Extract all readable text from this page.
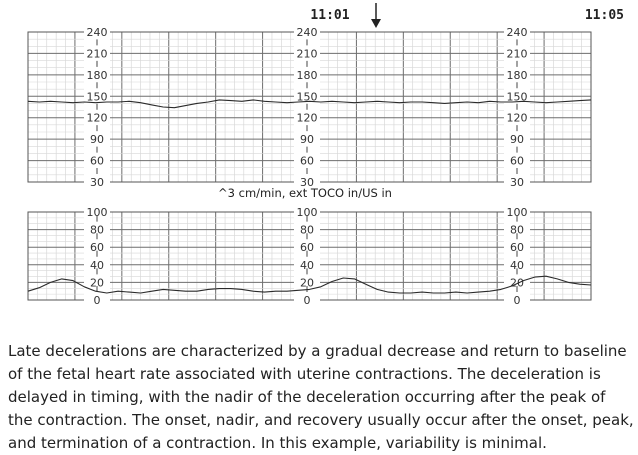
240
210
180
150
120
90
60
30
240
210
180
150
120
90
60
30
240
210
180
150
120
90
60
30
100
80
60
40
20
0
100
80
60
40
20
0
100
80
60
40
20
0
11:01	11:05
^3 cm/min, ext TOCO in/US in

Late decelerations are characterized by a gradual decrease and return to baseline of the fetal heart rate associated with uterine contractions. The deceleration is delayed in timing, with the nadir of the deceleration occurring after the peak of the contraction. The onset, nadir, and recovery usually occur after the onset, peak, and termination of a contraction. In this example, variability is minimal.
